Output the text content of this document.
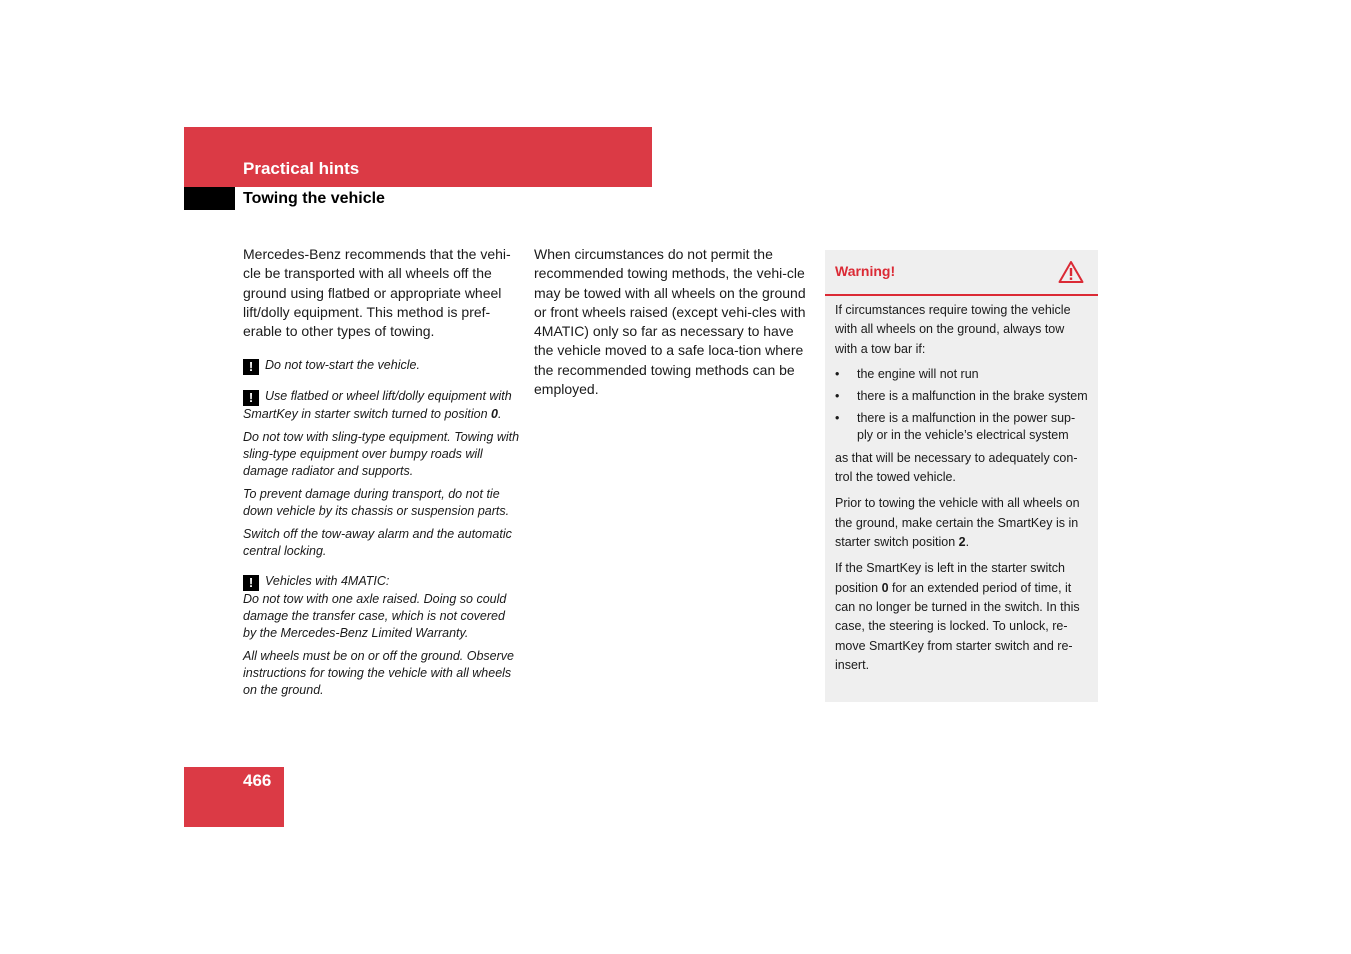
Practical hints
Towing the vehicle

Mercedes-Benz recommends that the vehi-cle be transported with all wheels off the ground using flatbed or appropriate wheel lift/dolly equipment. This method is pref-erable to other types of towing.

! Do not tow-start the vehicle.

! Use flatbed or wheel lift/dolly equipment with SmartKey in starter switch turned to position 0.

Do not tow with sling-type equipment. Towing with sling-type equipment over bumpy roads will damage radiator and supports.

To prevent damage during transport, do not tie down vehicle by its chassis or suspension parts.

Switch off the tow-away alarm and the automatic central locking.

! Vehicles with 4MATIC:

Do not tow with one axle raised. Doing so could damage the transfer case, which is not covered by the Mercedes-Benz Limited Warranty.

All wheels must be on or off the ground. Observe instructions for towing the vehicle with all wheels on the ground.

When circumstances do not permit the recommended towing methods, the vehi-cle may be towed with all wheels on the ground or front wheels raised (except vehi-cles with 4MATIC) only so far as necessary to have the vehicle moved to a safe loca-tion where the recommended towing methods can be employed.

Warning!

If circumstances require towing the vehicle with all wheels on the ground, always tow with a tow bar if:

• the engine will not run
• there is a malfunction in the brake system
• there is a malfunction in the power sup-ply or in the vehicle’s electrical system

as that will be necessary to adequately con-trol the towed vehicle.

Prior to towing the vehicle with all wheels on the ground, make certain the SmartKey is in starter switch position 2.

If the SmartKey is left in the starter switch position 0 for an extended period of time, it can no longer be turned in the switch. In this case, the steering is locked. To unlock, re-move SmartKey from starter switch and re-insert.

466
